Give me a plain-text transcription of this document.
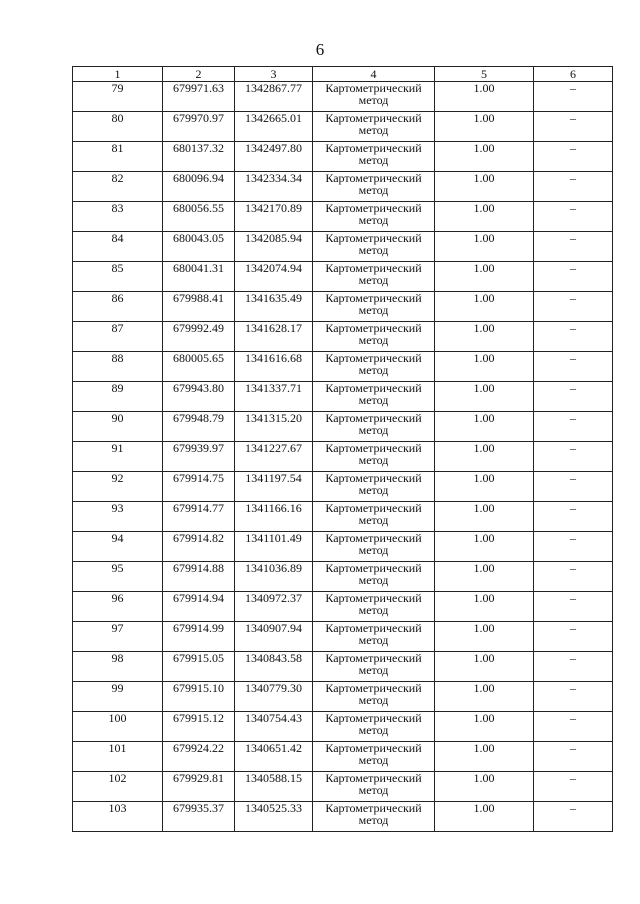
6
1	2	3	4	5	6
79	679971.63	1342867.77	Картометрический метод	1.00	–
80	679970.97	1342665.01	Картометрический метод	1.00	–
81	680137.32	1342497.80	Картометрический метод	1.00	–
82	680096.94	1342334.34	Картометрический метод	1.00	–
83	680056.55	1342170.89	Картометрический метод	1.00	–
84	680043.05	1342085.94	Картометрический метод	1.00	–
85	680041.31	1342074.94	Картометрический метод	1.00	–
86	679988.41	1341635.49	Картометрический метод	1.00	–
87	679992.49	1341628.17	Картометрический метод	1.00	–
88	680005.65	1341616.68	Картометрический метод	1.00	–
89	679943.80	1341337.71	Картометрический метод	1.00	–
90	679948.79	1341315.20	Картометрический метод	1.00	–
91	679939.97	1341227.67	Картометрический метод	1.00	–
92	679914.75	1341197.54	Картометрический метод	1.00	–
93	679914.77	1341166.16	Картометрический метод	1.00	–
94	679914.82	1341101.49	Картометрический метод	1.00	–
95	679914.88	1341036.89	Картометрический метод	1.00	–
96	679914.94	1340972.37	Картометрический метод	1.00	–
97	679914.99	1340907.94	Картометрический метод	1.00	–
98	679915.05	1340843.58	Картометрический метод	1.00	–
99	679915.10	1340779.30	Картометрический метод	1.00	–
100	679915.12	1340754.43	Картометрический метод	1.00	–
101	679924.22	1340651.42	Картометрический метод	1.00	–
102	679929.81	1340588.15	Картометрический метод	1.00	–
103	679935.37	1340525.33	Картометрический метод	1.00	–
